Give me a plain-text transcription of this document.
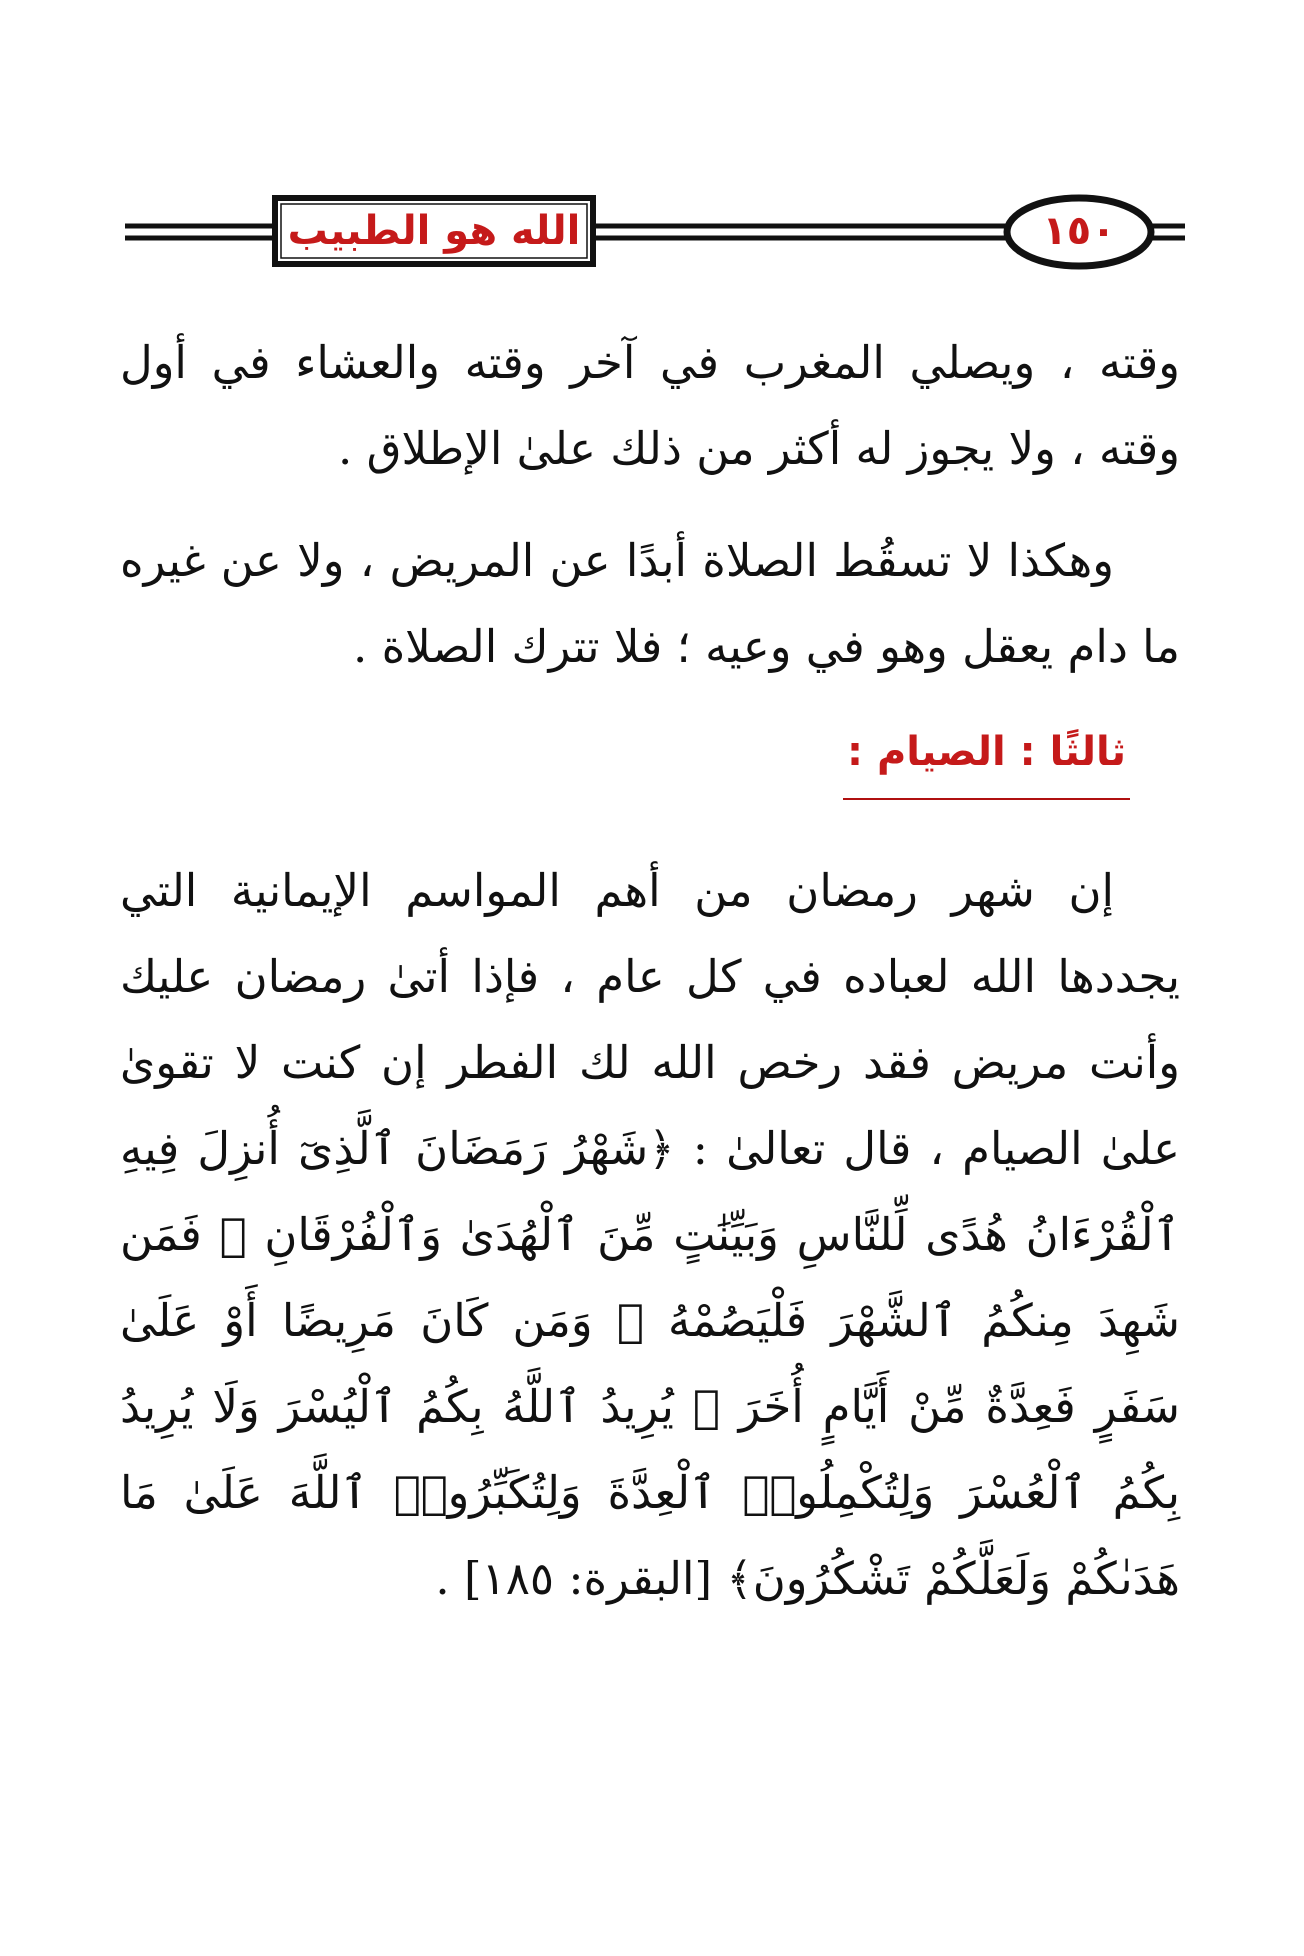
الله هو الطبيب	١٥٠

وقته ، ويصلي المغرب في آخر وقته والعشاء في أول وقته ، ولا يجوز له أكثر من ذلك علىٰ الإطلاق .

وهكذا لا تسقُط الصلاة أبدًا عن المريض ، ولا عن غيره ما دام يعقل وهو في وعيه ؛ فلا تترك الصلاة .

ثالثًا : الصيام :

إن شهر رمضان من أهم المواسم الإيمانية التي يجددها الله لعباده في كل عام ، فإذا أتىٰ رمضان عليك وأنت مريض فقد رخص الله لك الفطر إن كنت لا تقوىٰ علىٰ الصيام ، قال تعالىٰ : ﴿شَهْرُ رَمَضَانَ ٱلَّذِىٓ أُنزِلَ فِيهِ ٱلْقُرْءَانُ هُدًى لِّلنَّاسِ وَبَيِّنَٰتٍ مِّنَ ٱلْهُدَىٰ وَٱلْفُرْقَانِ ۚ فَمَن شَهِدَ مِنكُمُ ٱلشَّهْرَ فَلْيَصُمْهُ ۖ وَمَن كَانَ مَرِيضًا أَوْ عَلَىٰ سَفَرٍ فَعِدَّةٌ مِّنْ أَيَّامٍ أُخَرَ ۗ يُرِيدُ ٱللَّهُ بِكُمُ ٱلْيُسْرَ وَلَا يُرِيدُ بِكُمُ ٱلْعُسْرَ وَلِتُكْمِلُوا۟ ٱلْعِدَّةَ وَلِتُكَبِّرُوا۟ ٱللَّهَ عَلَىٰ مَا هَدَىٰكُمْ وَلَعَلَّكُمْ تَشْكُرُونَ﴾ [البقرة: ١٨٥] .
